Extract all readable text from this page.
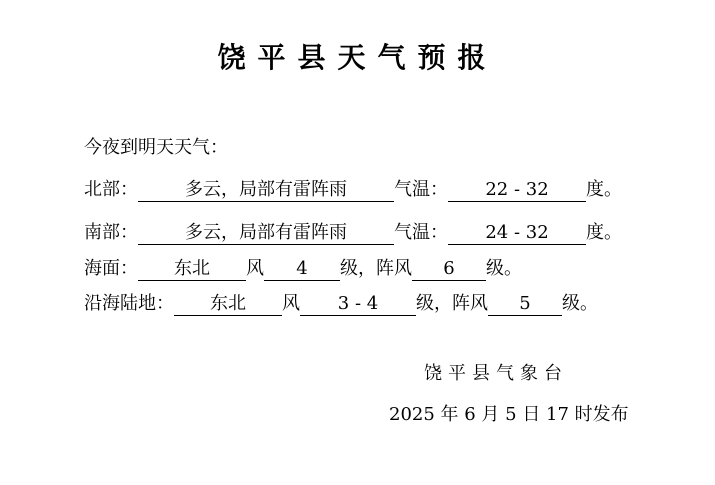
饶平县天气预报
今夜到明天天气：
北部：	多云，局部有雷阵雨	气温： 22 - 32 度。
南部：	多云，局部有雷阵雨	气温： 24 - 32 度。
海面： 东北 风 4 级，阵风 6 级。
沿海陆地： 东北 风 3 - 4 级，阵风 5 级。
饶平县气象台
2025 年 6 月 5 日 17 时发布
